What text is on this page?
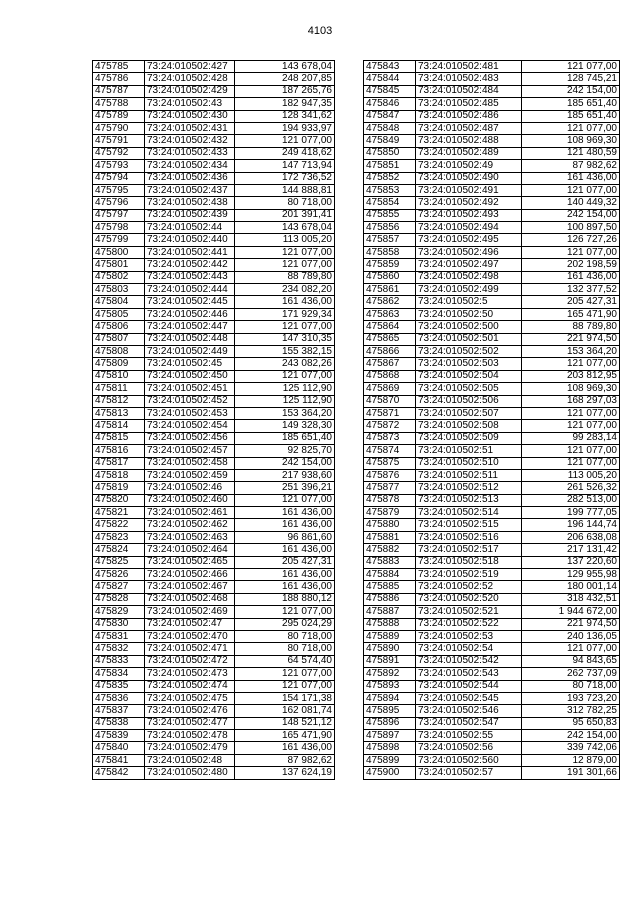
4103
475785	73:24:010502:427	143 678,04
475786	73:24:010502:428	248 207,85
475787	73:24:010502:429	187 265,76
475788	73:24:010502:43	182 947,35
475789	73:24:010502:430	128 341,62
475790	73:24:010502:431	194 933,97
475791	73:24:010502:432	121 077,00
475792	73:24:010502:433	249 418,62
475793	73:24:010502:434	147 713,94
475794	73:24:010502:436	172 736,52
475795	73:24:010502:437	144 888,81
475796	73:24:010502:438	80 718,00
475797	73:24:010502:439	201 391,41
475798	73:24:010502:44	143 678,04
475799	73:24:010502:440	113 005,20
475800	73:24:010502:441	121 077,00
475801	73:24:010502:442	121 077,00
475802	73:24:010502:443	88 789,80
475803	73:24:010502:444	234 082,20
475804	73:24:010502:445	161 436,00
475805	73:24:010502:446	171 929,34
475806	73:24:010502:447	121 077,00
475807	73:24:010502:448	147 310,35
475808	73:24:010502:449	155 382,15
475809	73:24:010502:45	243 082,26
475810	73:24:010502:450	121 077,00
475811	73:24:010502:451	125 112,90
475812	73:24:010502:452	125 112,90
475813	73:24:010502:453	153 364,20
475814	73:24:010502:454	149 328,30
475815	73:24:010502:456	185 651,40
475816	73:24:010502:457	92 825,70
475817	73:24:010502:458	242 154,00
475818	73:24:010502:459	217 938,60
475819	73:24:010502:46	251 396,21
475820	73:24:010502:460	121 077,00
475821	73:24:010502:461	161 436,00
475822	73:24:010502:462	161 436,00
475823	73:24:010502:463	96 861,60
475824	73:24:010502:464	161 436,00
475825	73:24:010502:465	205 427,31
475826	73:24:010502:466	161 436,00
475827	73:24:010502:467	161 436,00
475828	73:24:010502:468	188 880,12
475829	73:24:010502:469	121 077,00
475830	73:24:010502:47	295 024,29
475831	73:24:010502:470	80 718,00
475832	73:24:010502:471	80 718,00
475833	73:24:010502:472	64 574,40
475834	73:24:010502:473	121 077,00
475835	73:24:010502:474	121 077,00
475836	73:24:010502:475	154 171,38
475837	73:24:010502:476	162 081,74
475838	73:24:010502:477	148 521,12
475839	73:24:010502:478	165 471,90
475840	73:24:010502:479	161 436,00
475841	73:24:010502:48	87 982,62
475842	73:24:010502:480	137 624,19
475843	73:24:010502:481	121 077,00
475844	73:24:010502:483	128 745,21
475845	73:24:010502:484	242 154,00
475846	73:24:010502:485	185 651,40
475847	73:24:010502:486	185 651,40
475848	73:24:010502:487	121 077,00
475849	73:24:010502:488	108 969,30
475850	73:24:010502:489	121 480,59
475851	73:24:010502:49	87 982,62
475852	73:24:010502:490	161 436,00
475853	73:24:010502:491	121 077,00
475854	73:24:010502:492	140 449,32
475855	73:24:010502:493	242 154,00
475856	73:24:010502:494	100 897,50
475857	73:24:010502:495	126 727,26
475858	73:24:010502:496	121 077,00
475859	73:24:010502:497	202 198,59
475860	73:24:010502:498	161 436,00
475861	73:24:010502:499	132 377,52
475862	73:24:010502:5	205 427,31
475863	73:24:010502:50	165 471,90
475864	73:24:010502:500	88 789,80
475865	73:24:010502:501	221 974,50
475866	73:24:010502:502	153 364,20
475867	73:24:010502:503	121 077,00
475868	73:24:010502:504	203 812,95
475869	73:24:010502:505	108 969,30
475870	73:24:010502:506	168 297,03
475871	73:24:010502:507	121 077,00
475872	73:24:010502:508	121 077,00
475873	73:24:010502:509	99 283,14
475874	73:24:010502:51	121 077,00
475875	73:24:010502:510	121 077,00
475876	73:24:010502:511	113 005,20
475877	73:24:010502:512	261 526,32
475878	73:24:010502:513	282 513,00
475879	73:24:010502:514	199 777,05
475880	73:24:010502:515	196 144,74
475881	73:24:010502:516	206 638,08
475882	73:24:010502:517	217 131,42
475883	73:24:010502:518	137 220,60
475884	73:24:010502:519	129 955,98
475885	73:24:010502:52	180 001,14
475886	73:24:010502:520	318 432,51
475887	73:24:010502:521	1 944 672,00
475888	73:24:010502:522	221 974,50
475889	73:24:010502:53	240 136,05
475890	73:24:010502:54	121 077,00
475891	73:24:010502:542	94 843,65
475892	73:24:010502:543	262 737,09
475893	73:24:010502:544	80 718,00
475894	73:24:010502:545	193 723,20
475895	73:24:010502:546	312 782,25
475896	73:24:010502:547	95 650,83
475897	73:24:010502:55	242 154,00
475898	73:24:010502:56	339 742,06
475899	73:24:010502:560	12 879,00
475900	73:24:010502:57	191 301,66
